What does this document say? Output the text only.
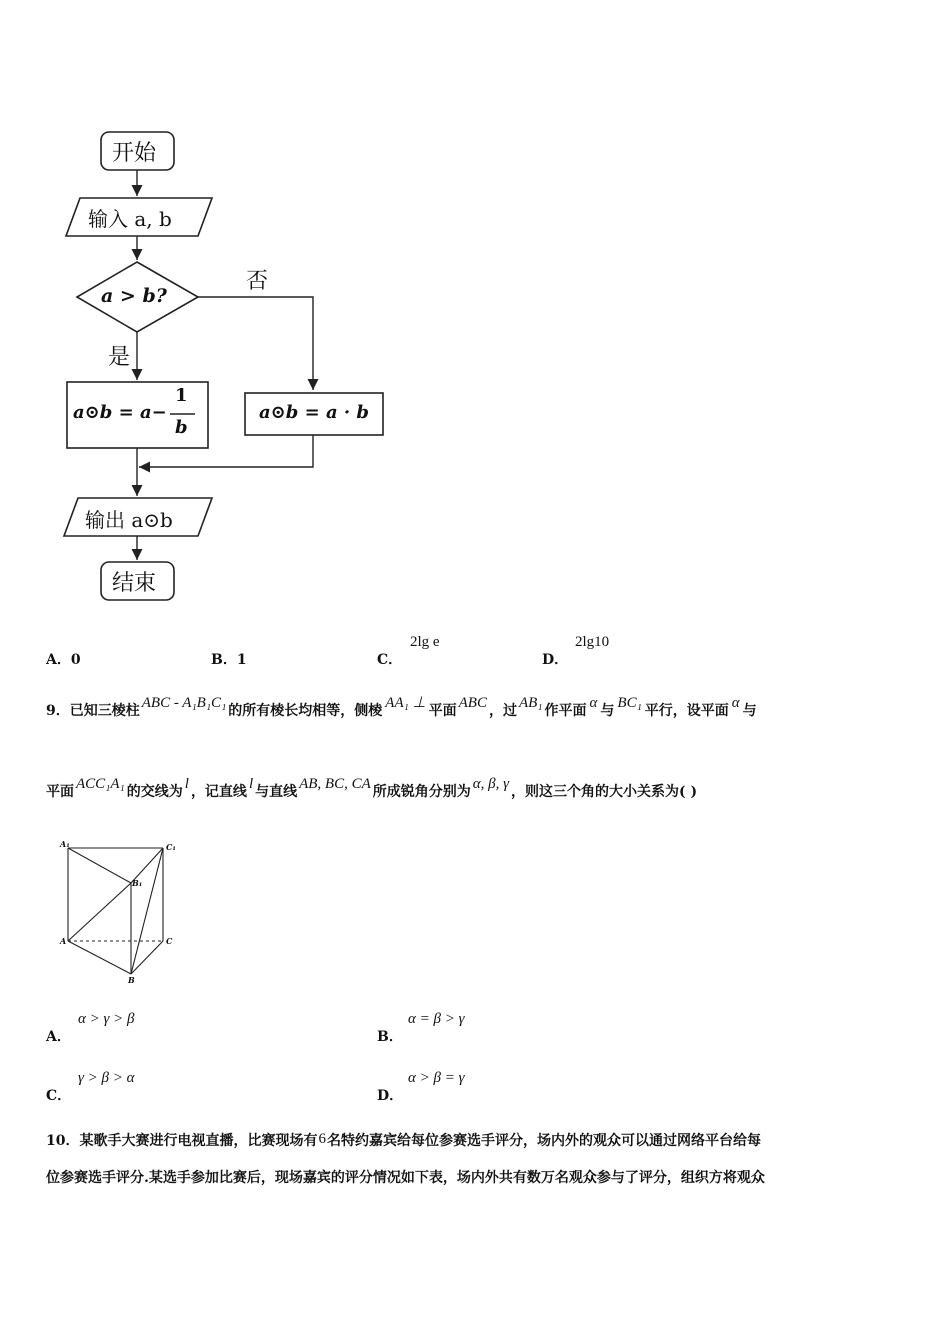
开始
输入 a, b
a > b?
否
是
a⊙b = a−
1
b
a⊙b = a · b
输出 a⊙b
结束
A．0	B．1	C．
2lg e
D．
2lg10
9．已知三棱柱 ABC - A₁B₁C₁ 的所有棱长均相等，侧棱 AA₁ ⊥ 平面 ABC ，过 AB₁ 作平面 α 与 BC₁ 平行，设平面 α 与
平面 ACC₁A₁ 的交线为 l ，记直线 l 与直线 AB, BC, CA 所成锐角分别为 α, β, γ ，则这三个角的大小关系为( )
A₁	C₁
B₁
A	C
B
A．
α > γ > β
B．
α = β > γ
C．
γ > β > α
D．
α > β = γ
10．某歌手大赛进行电视直播，比赛现场有6名特约嘉宾给每位参赛选手评分，场内外的观众可以通过网络平台给每
位参赛选手评分.某选手参加比赛后，现场嘉宾的评分情况如下表，场内外共有数万名观众参与了评分，组织方将观众
